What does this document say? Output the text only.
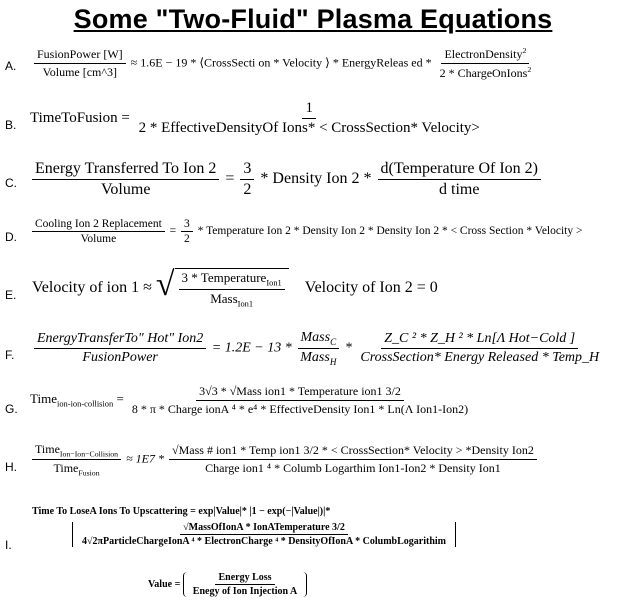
Some "Two-Fluid" Plasma Equations
A. $\frac{\text{FusionPower [W]}}{\text{Volume [cm\textasciicircum{}3]}} \approx 1.6E - 19$ * ⟨CrossSecti on * Velocity ⟩ * EnergyReleas ed * $\frac{ElectronDensity^2}{2 * ChargeOnIons^2}$
B. TimeToFusion = $\frac{1}{\text{2 * EffectiveDensityOf Ions* < CrossSection* Velocity>}}$
C. $\frac{\text{Energy Transferred To Ion 2}}{\text{Volume}} = \frac{3}{2}$ * Density Ion $2 * \frac{\text{d(Temperature Of Ion 2)}}{\text{d time}}$
D. $\frac{\text{Cooling Ion 2 Replacement}}{\text{Volume}} = \frac{3}{2}$ * Temperature Ion 2 * Density Ion 2 * Density Ion 2 * < Cross Section * Velocity >
E. Velocity of ion 1 ≈ √ $\frac{3 * Temperature_{Ion1}}{Mass_{Ion1}}$ Velocity of Ion 2 = 0
F. $\frac{\text{EnergyTransferTo" Hot" Ion2}}{\text{FusionPower}} = 1.2E - 13 * \frac{Mass_C}{Mass_H} * \frac{\text{Z\_C ² * Z\_H ² * Ln[Λ Hot−Cold ]}}{\text{CrossSection* Energy Released * Temp\_H}}$
G.
Time$_{ion-ion-collision}$ =
3√3 * √Mass ion1 * Temperature ion1 3/2
8 * π * Charge ionA ⁴ * e⁴ * EffectiveDensity Ion1 * Ln(Λ Ion1-Ion2)
H. $\frac{Time_{Ion-Ion-Collision}}{Time_{Fusion}} \approx 1E7$ *
√Mass # ion1 * Temp ion1 3/2 * < CrossSection* Velocity > *Density Ion2
Charge ion1 ⁴ * Columb Logarthim Ion1-Ion2 * Density Ion1
I.
Time To LoseA Ions To Upscattering = exp|Value|* |1 − exp(−|Value|)|*
√MassOfIonA * IonATemperature 3/2
4√2πParticleChargeIonA ⁴ * ElectronCharge ⁴ * DensityOfIonA * ColumbLogarithim
Value = $\frac{\text{Energy Loss}}{\text{Enegy of Ion Injection A}}$
